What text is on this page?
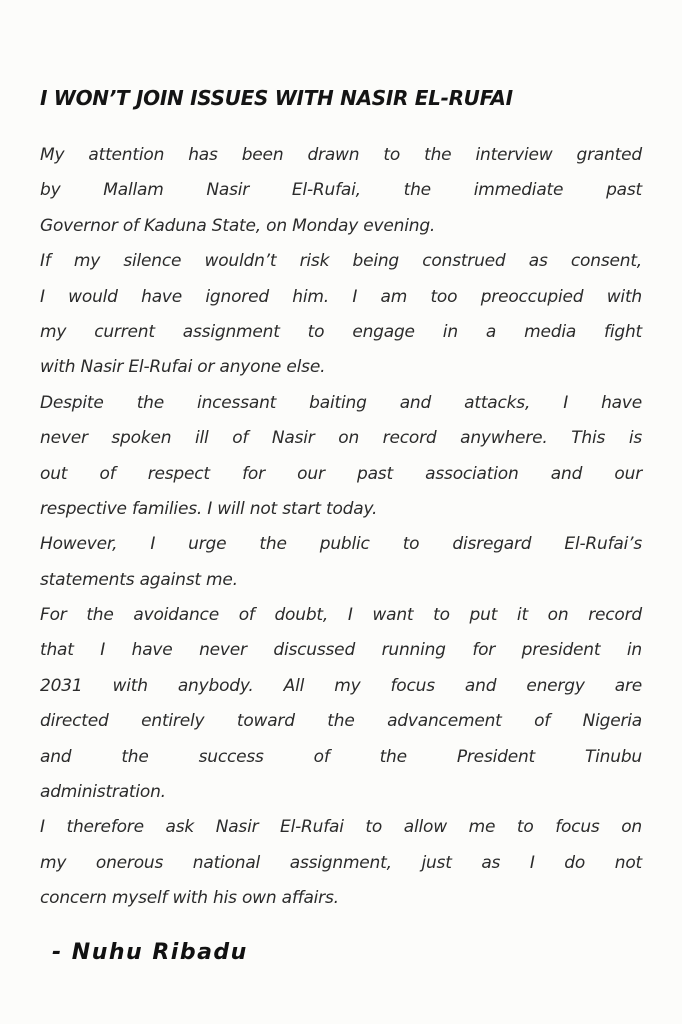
I WON’T JOIN ISSUES WITH NASIR EL-RUFAI
My attention has been drawn to the interview granted
by Mallam Nasir El-Rufai, the immediate past
Governor of Kaduna State, on Monday evening.
If my silence wouldn’t risk being construed as consent,
I would have ignored him. I am too preoccupied with
my current assignment to engage in a media fight
with Nasir El-Rufai or anyone else.
Despite the incessant baiting and attacks, I have
never spoken ill of Nasir on record anywhere. This is
out of respect for our past association and our
respective families. I will not start today.
However, I urge the public to disregard El-Rufai’s
statements against me.
For the avoidance of doubt, I want to put it on record
that I have never discussed running for president in
2031 with anybody. All my focus and energy are
directed entirely toward the advancement of Nigeria
and the success of the President Tinubu
administration.
I therefore ask Nasir El-Rufai to allow me to focus on
my onerous national assignment, just as I do not
concern myself with his own affairs.
- Nuhu Ribadu
